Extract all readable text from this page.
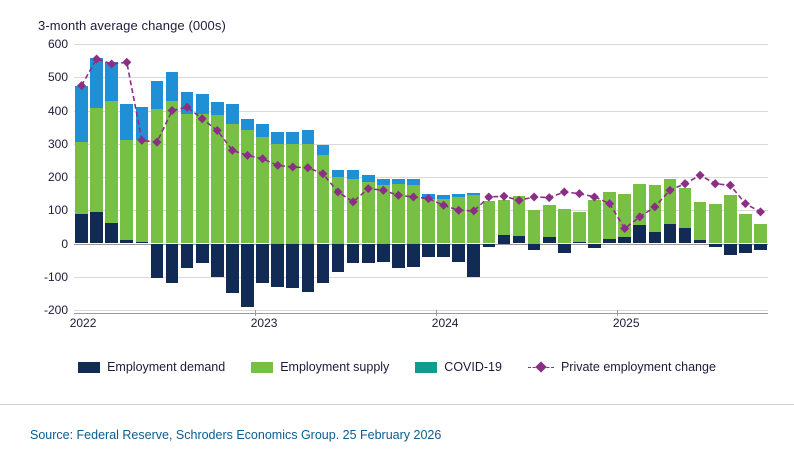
3-month average change (000s)
-200
-100
0
100
200
300
400
500
600
2022	2023	2024	2025
Employment demand	Employment supply	COVID-19	Private employment change
Source: Federal Reserve, Schroders Economics Group. 25 February 2026
